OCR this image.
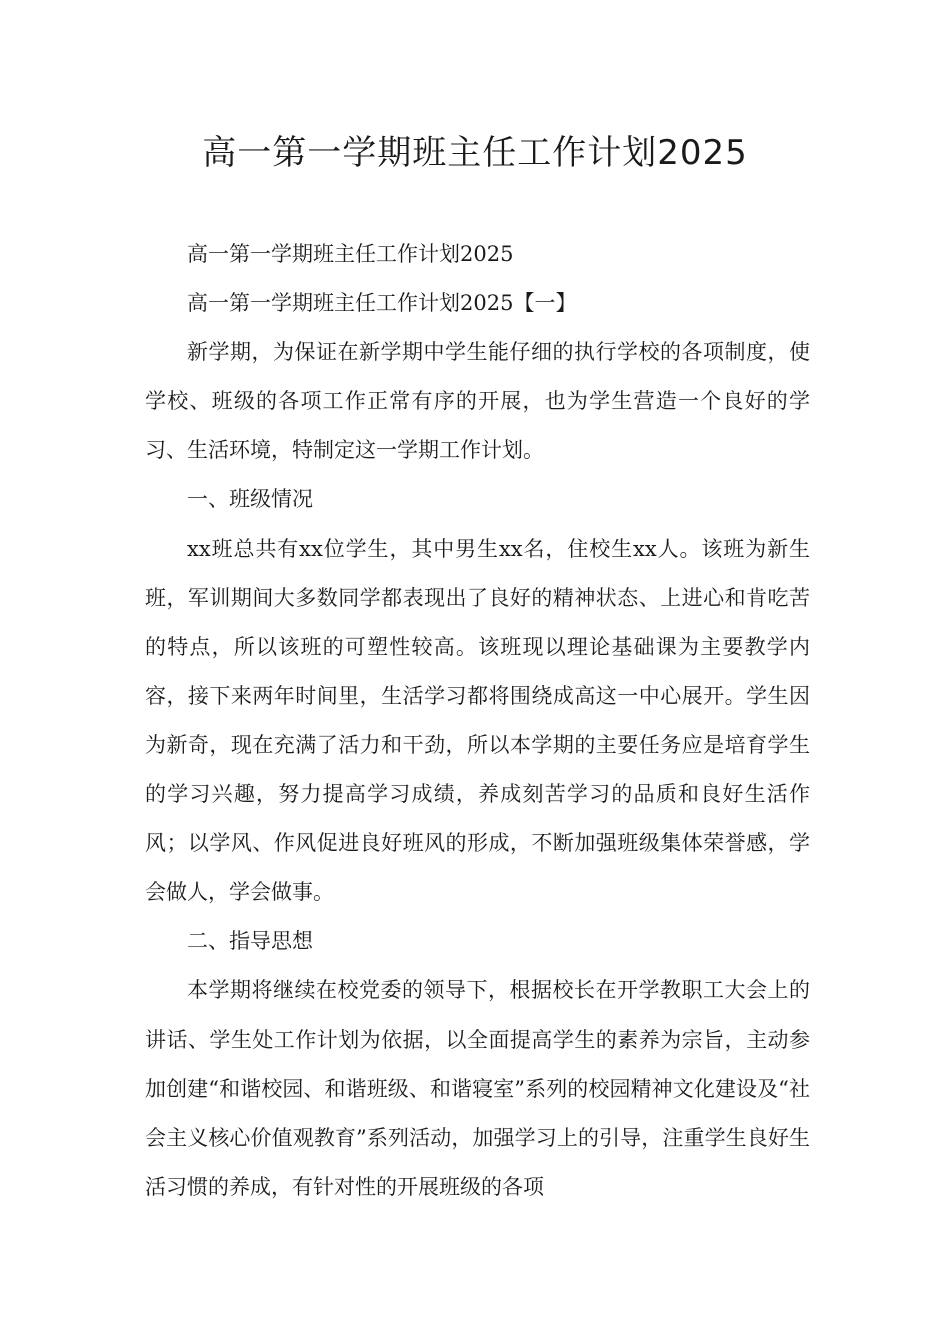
高一第一学期班主任工作计划2025

高一第一学期班主任工作计划2025

高一第一学期班主任工作计划2025【一】

新学期，为保证在新学期中学生能仔细的执行学校的各项制度，使学校、班级的各项工作正常有序的开展，也为学生营造一个良好的学习、生活环境，特制定这一学期工作计划。

一、班级情况

xx班总共有xx位学生，其中男生xx名，住校生xx人。该班为新生班，军训期间大多数同学都表现出了良好的精神状态、上进心和肯吃苦的特点，所以该班的可塑性较高。该班现以理论基础课为主要教学内容，接下来两年时间里，生活学习都将围绕成高这一中心展开。学生因为新奇，现在充满了活力和干劲，所以本学期的主要任务应是培育学生的学习兴趣，努力提高学习成绩，养成刻苦学习的品质和良好生活作风；以学风、作风促进良好班风的形成，不断加强班级集体荣誉感，学会做人，学会做事。

二、指导思想

本学期将继续在校党委的领导下，根据校长在开学教职工大会上的讲话、学生处工作计划为依据，以全面提高学生的素养为宗旨，主动参加创建“和谐校园、和谐班级、和谐寝室”系列的校园精神文化建设及“社会主义核心价值观教育”系列活动，加强学习上的引导，注重学生良好生活习惯的养成，有针对性的开展班级的各项
